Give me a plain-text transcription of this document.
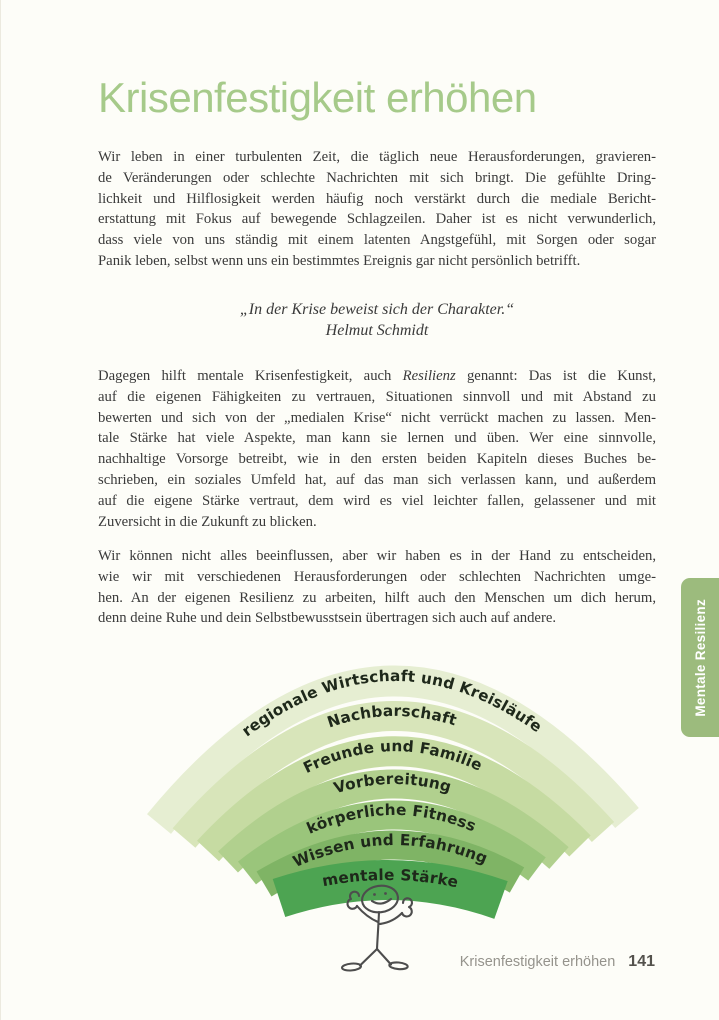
Krisenfestigkeit erhöhen
Wir leben in einer turbulenten Zeit, die täglich neue Herausforderungen, gravieren-
de Veränderungen oder schlechte Nachrichten mit sich bringt. Die gefühlte Dring-
lichkeit und Hilflosigkeit werden häufig noch verstärkt durch die mediale Bericht-
erstattung mit Fokus auf bewegende Schlagzeilen. Daher ist es nicht verwunderlich,
dass viele von uns ständig mit einem latenten Angstgefühl, mit Sorgen oder sogar
Panik leben, selbst wenn uns ein bestimmtes Ereignis gar nicht persönlich betrifft.
„In der Krise beweist sich der Charakter.“
Helmut Schmidt
Dagegen hilft mentale Krisenfestigkeit, auch Resilienz genannt: Das ist die Kunst,
auf die eigenen Fähigkeiten zu vertrauen, Situationen sinnvoll und mit Abstand zu
bewerten und sich von der „medialen Krise“ nicht verrückt machen zu lassen. Men-
tale Stärke hat viele Aspekte, man kann sie lernen und üben. Wer eine sinnvolle,
nachhaltige Vorsorge betreibt, wie in den ersten beiden Kapiteln dieses Buches be-
schrieben, ein soziales Umfeld hat, auf das man sich verlassen kann, und außerdem
auf die eigene Stärke vertraut, dem wird es viel leichter fallen, gelassener und mit
Zuversicht in die Zukunft zu blicken.
Wir können nicht alles beeinflussen, aber wir haben es in der Hand zu entscheiden,
wie wir mit verschiedenen Herausforderungen oder schlechten Nachrichten umge-
hen. An der eigenen Resilienz zu arbeiten, hilft auch den Menschen um dich herum,
denn deine Ruhe und dein Selbstbewusstsein übertragen sich auch auf andere.
regionale Wirtschaft und Kreisläufe
Nachbarschaft
Freunde und Familie
Vorbereitung
körperliche Fitness
Wissen und Erfahrung
mentale Stärke
Mentale Resilienz
Krisenfestigkeit erhöhen 141
